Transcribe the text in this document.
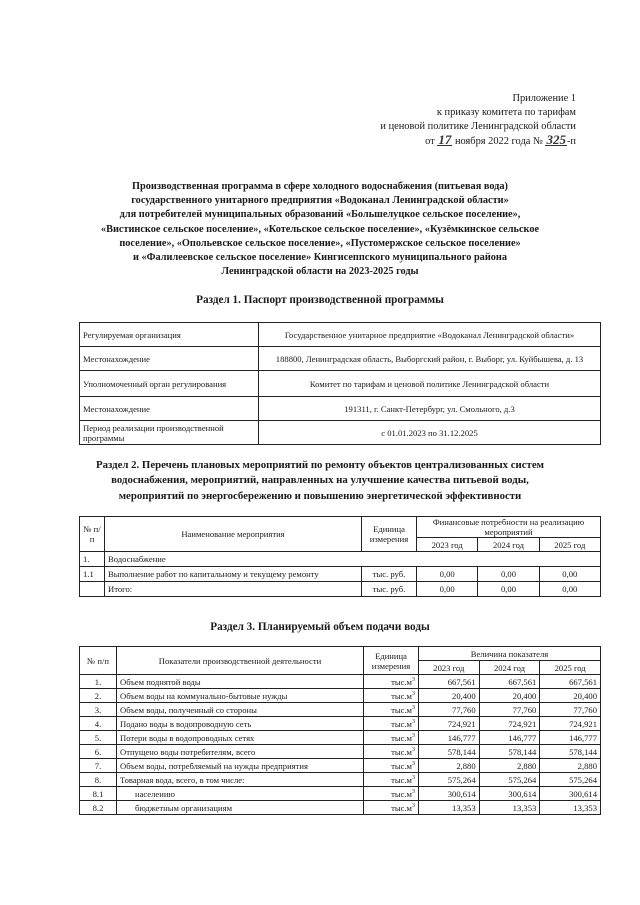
Приложение 1
к приказу комитета по тарифам
и ценовой политике Ленинградской области
от 17 ноября 2022 года № 325-п
Производственная программа в сфере холодного водоснабжения (питьевая вода)
государственного унитарного предприятия «Водоканал Ленинградской области»
для потребителей муниципальных образований «Большелуцкое сельское поселение»,
«Вистинское сельское поселение», «Котельское сельское поселение», «Кузёмкинское сельское
поселение», «Опольевское сельское поселение», «Пустомержское сельское поселение»
и «Фалилеевское сельское поселение» Кингисеппского муниципального района
Ленинградской области на 2023-2025 годы
Раздел 1. Паспорт производственной программы
Регулируемая организация	Государственное унитарное предприятие «Водоканал Ленинградской области»
Местонахождение	188800, Ленинградская область, Выборгский район, г. Выборг, ул. Куйбышева, д. 13
Уполномоченный орган регулирования	Комитет по тарифам и ценовой политике Ленинградской области
Местонахождение	191311, г. Санкт-Петербург, ул. Смольного, д.3
Период реализации производственной программы	с 01.01.2023 по 31.12.2025
Раздел 2. Перечень плановых мероприятий по ремонту объектов централизованных систем
водоснабжения, мероприятий, направленных на улучшение качества питьевой воды,
мероприятий по энергосбережению и повышению энергетической эффективности
№ п/п	Наименование мероприятия	Единица измерения	Финансовые потребности на реализацию мероприятий		
			2023 год	2024 год	2025 год
1.	Водоснабжение				
1.1	Выполнение работ по капитальному и текущему ремонту	тыс. руб.	0,00	0,00	0,00
	Итого:	тыс. руб.	0,00	0,00	0,00
Раздел 3. Планируемый объем подачи воды
№ п/п	Показатели производственной деятельности	Единица измерения	Величина показателя		
			2023 год	2024 год	2025 год
1.	Объем поднятой воды	$тыс.м^3$	667,561	667,561	667,561
2.	Объем воды на коммунально-бытовые нужды	$тыс.м^3$	20,400	20,400	20,400
3.	Объем воды, полученный со стороны	$тыс.м^3$	77,760	77,760	77,760
4.	Подано воды в водопроводную сеть	$тыс.м^3$	724,921	724,921	724,921
5.	Потери воды в водопроводных сетях	$тыс.м^3$	146,777	146,777	146,777
6.	Отпущено воды потребителям, всего	$тыс.м^3$	578,144	578,144	578,144
7.	Объем воды, потребляемый на нужды предприятия	$тыс.м^3$	2,880	2,880	2,880
8.	Товарная вода, всего, в том числе:	$тыс.м^3$	575,264	575,264	575,264
8.1	населению	$тыс.м^3$	300,614	300,614	300,614
8.2	бюджетным организациям	$тыс.м^3$	13,353	13,353	13,353
